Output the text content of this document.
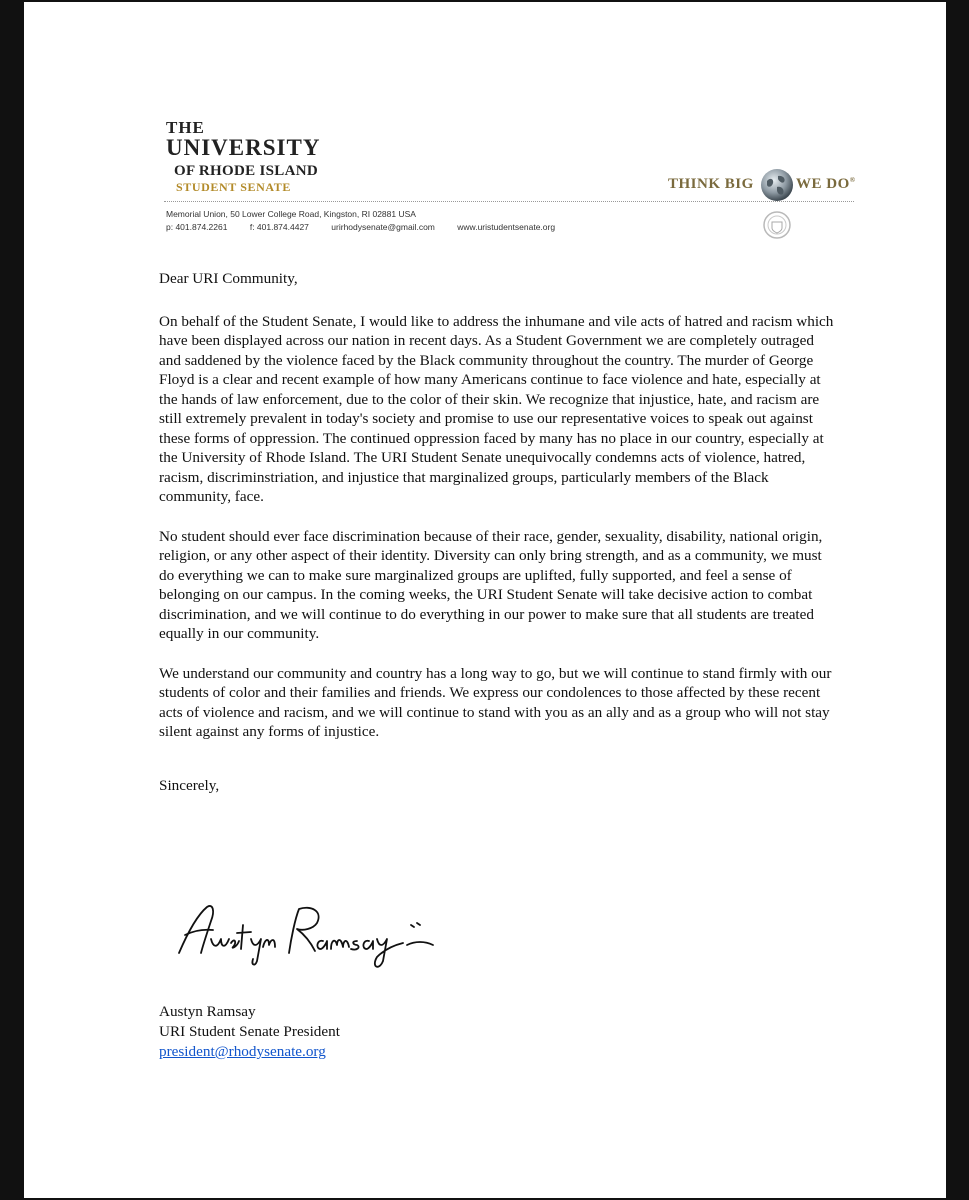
THE
UNIVERSITY
OF RHODE ISLAND
STUDENT SENATE	THINK BIG	WE DO®
Memorial Union, 50 Lower College Road, Kingston, RI 02881 USA
p: 401.874.2261	f: 401.874.4427	urirhodysenate@gmail.com	www.uristudentsenate.org

Dear URI Community,

On behalf of the Student Senate, I would like to address the inhumane and vile acts of hatred and racism which have been displayed across our nation in recent days. As a Student Government we are completely outraged and saddened by the violence faced by the Black community throughout the country. The murder of George Floyd is a clear and recent example of how many Americans continue to face violence and hate, especially at the hands of law enforcement, due to the color of their skin. We recognize that injustice, hate, and racism are still extremely prevalent in today's society and promise to use our representative voices to speak out against these forms of oppression. The continued oppression faced by many has no place in our country, especially at the University of Rhode Island. The URI Student Senate unequivocally condemns acts of violence, hatred, racism, discriminstriation, and injustice that marginalized groups, particularly members of the Black community, face.

No student should ever face discrimination because of their race, gender, sexuality, disability, national origin, religion, or any other aspect of their identity. Diversity can only bring strength, and as a community, we must do everything we can to make sure marginalized groups are uplifted, fully supported, and feel a sense of belonging on our campus. In the coming weeks, the URI Student Senate will take decisive action to combat discrimination, and we will continue to do everything in our power to make sure that all students are treated equally in our community.

We understand our community and country has a long way to go, but we will continue to stand firmly with our students of color and their families and friends. We express our condolences to those affected by these recent acts of violence and racism, and we will continue to stand with you as an ally and as a group who will not stay silent against any forms of injustice.

Sincerely,

Austyn Ramsay
URI Student Senate President
president@rhodysenate.org
